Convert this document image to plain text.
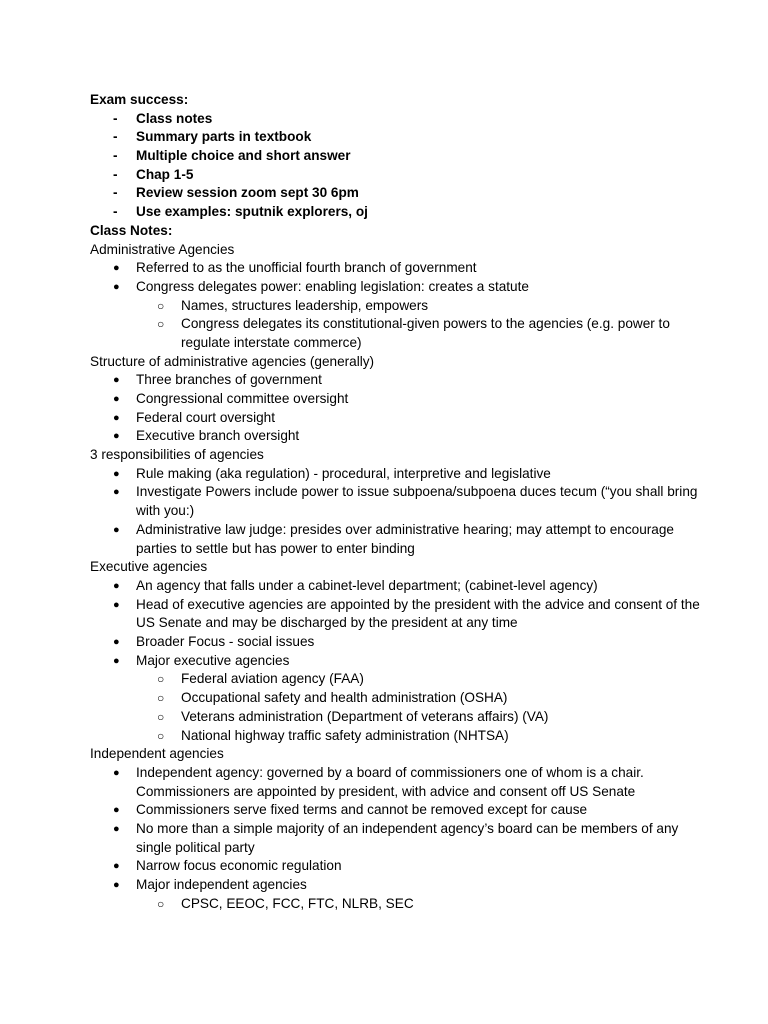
Exam success:
- Class notes
- Summary parts in textbook
- Multiple choice and short answer
- Chap 1-5
- Review session zoom sept 30 6pm
- Use examples: sputnik explorers, oj
Class Notes:
Administrative Agencies
● Referred to as the unofficial fourth branch of government
● Congress delegates power: enabling legislation: creates a statute
○ Names, structures leadership, empowers
○ Congress delegates its constitutional-given powers to the agencies (e.g. power to regulate interstate commerce)
Structure of administrative agencies (generally)
● Three branches of government
● Congressional committee oversight
● Federal court oversight
● Executive branch oversight
3 responsibilities of agencies
● Rule making (aka regulation) - procedural, interpretive and legislative
● Investigate Powers include power to issue subpoena/subpoena duces tecum (“you shall bring with you:)
● Administrative law judge: presides over administrative hearing; may attempt to encourage parties to settle but has power to enter binding
Executive agencies
● An agency that falls under a cabinet-level department; (cabinet-level agency)
● Head of executive agencies are appointed by the president with the advice and consent of the US Senate and may be discharged by the president at any time
● Broader Focus - social issues
● Major executive agencies
○ Federal aviation agency (FAA)
○ Occupational safety and health administration (OSHA)
○ Veterans administration (Department of veterans affairs) (VA)
○ National highway traffic safety administration (NHTSA)
Independent agencies
● Independent agency: governed by a board of commissioners one of whom is a chair. Commissioners are appointed by president, with advice and consent off US Senate
● Commissioners serve fixed terms and cannot be removed except for cause
● No more than a simple majority of an independent agency’s board can be members of any single political party
● Narrow focus economic regulation
● Major independent agencies
○ CPSC, EEOC, FCC, FTC, NLRB, SEC
